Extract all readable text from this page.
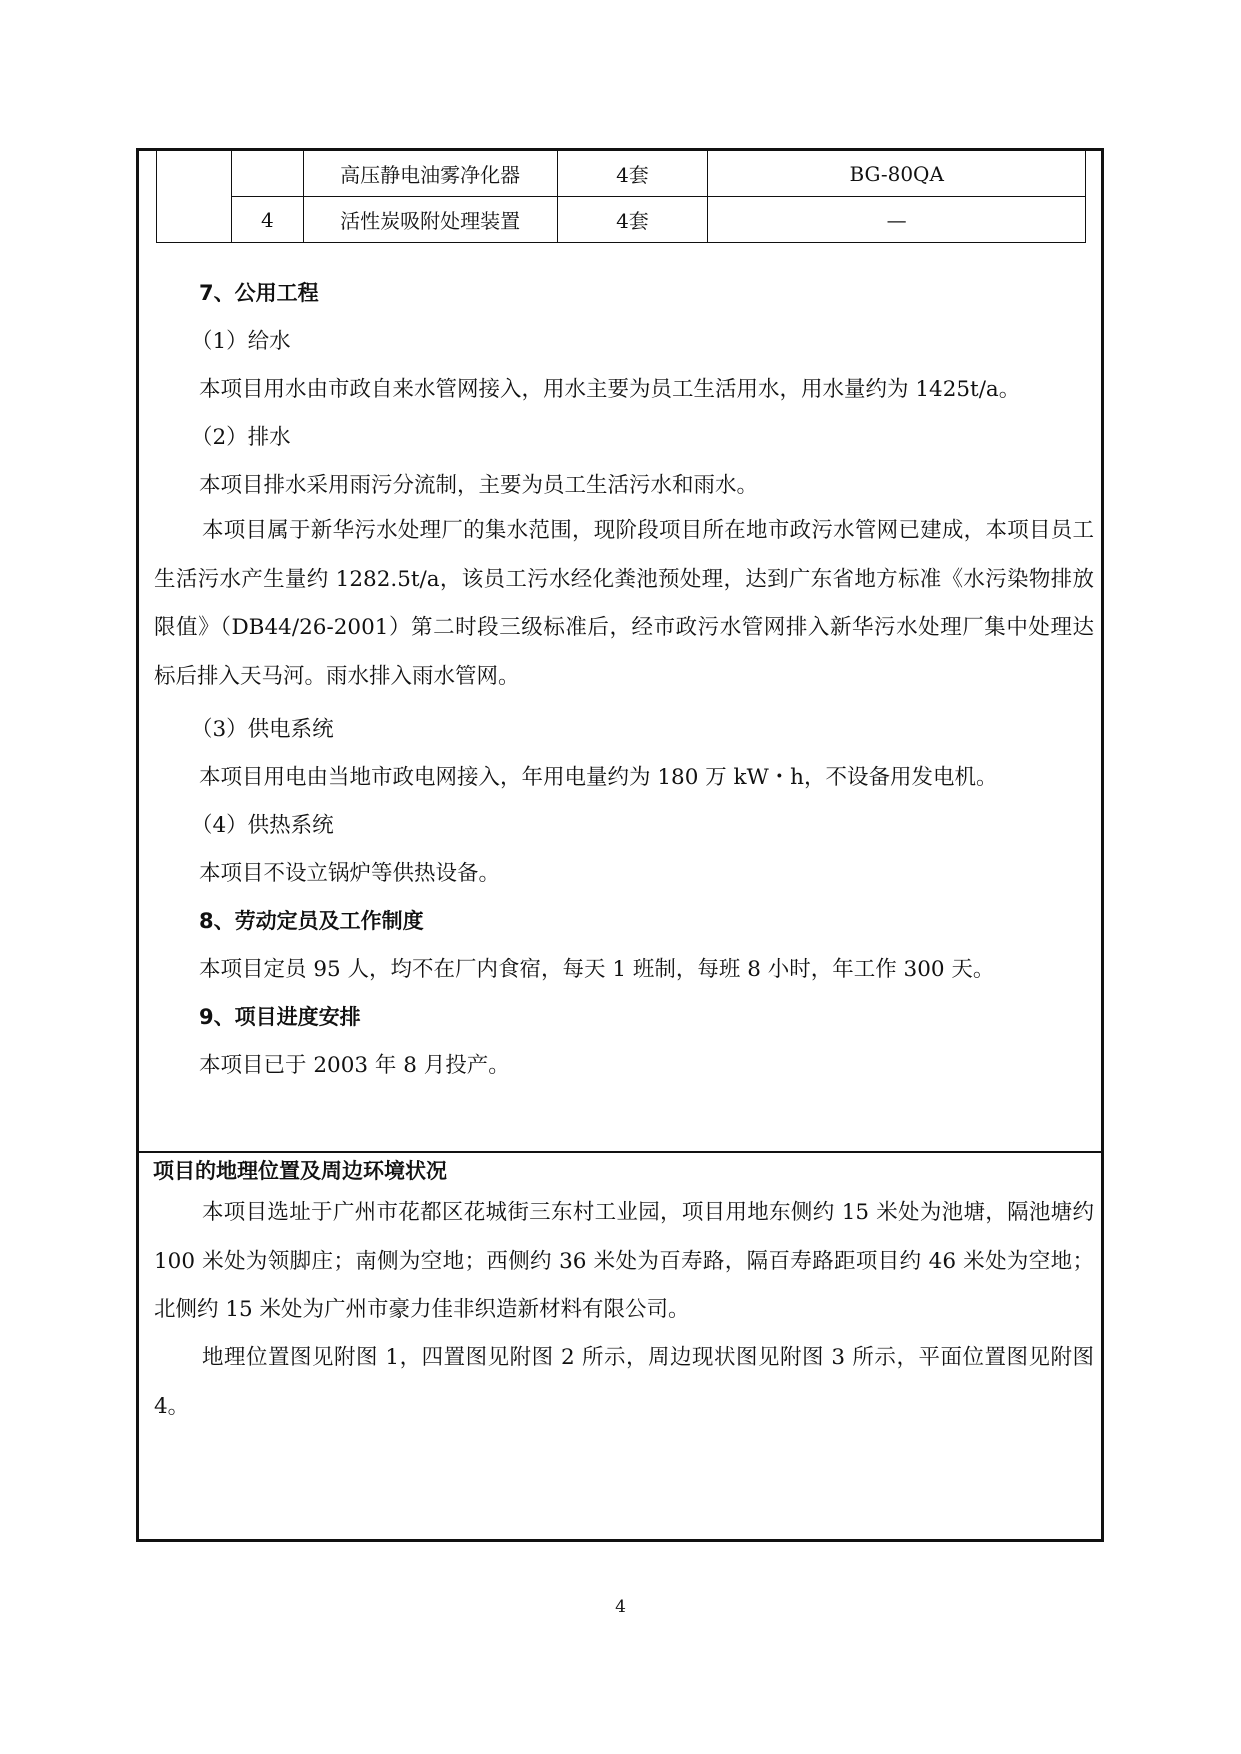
		高压静电油雾净化器	4套	BG-80QA
	4	活性炭吸附处理装置	4套	—
7、公用工程
（1）给水
本项目用水由市政自来水管网接入，用水主要为员工生活用水，用水量约为 1425t/a。
（2）排水
本项目排水采用雨污分流制，主要为员工生活污水和雨水。
本项目属于新华污水处理厂的集水范围，现阶段项目所在地市政污水管网已建成，本项目员工生活污水产生量约 1282.5t/a，该员工污水经化粪池预处理，达到广东省地方标准《水污染物排放限值》（DB44/26-2001）第二时段三级标准后，经市政污水管网排入新华污水处理厂集中处理达标后排入天马河。雨水排入雨水管网。
（3）供电系统
本项目用电由当地市政电网接入，年用电量约为 180 万 kW・h，不设备用发电机。
（4）供热系统
本项目不设立锅炉等供热设备。
8、劳动定员及工作制度
本项目定员 95 人，均不在厂内食宿，每天 1 班制，每班 8 小时，年工作 300 天。
9、项目进度安排
本项目已于 2003 年 8 月投产。
项目的地理位置及周边环境状况
本项目选址于广州市花都区花城街三东村工业园，项目用地东侧约 15 米处为池塘，隔池塘约 100 米处为领脚庄；南侧为空地；西侧约 36 米处为百寿路，隔百寿路距项目约 46 米处为空地；北侧约 15 米处为广州市豪力佳非织造新材料有限公司。
地理位置图见附图 1，四置图见附图 2 所示，周边现状图见附图 3 所示，平面位置图见附图 4。
4
